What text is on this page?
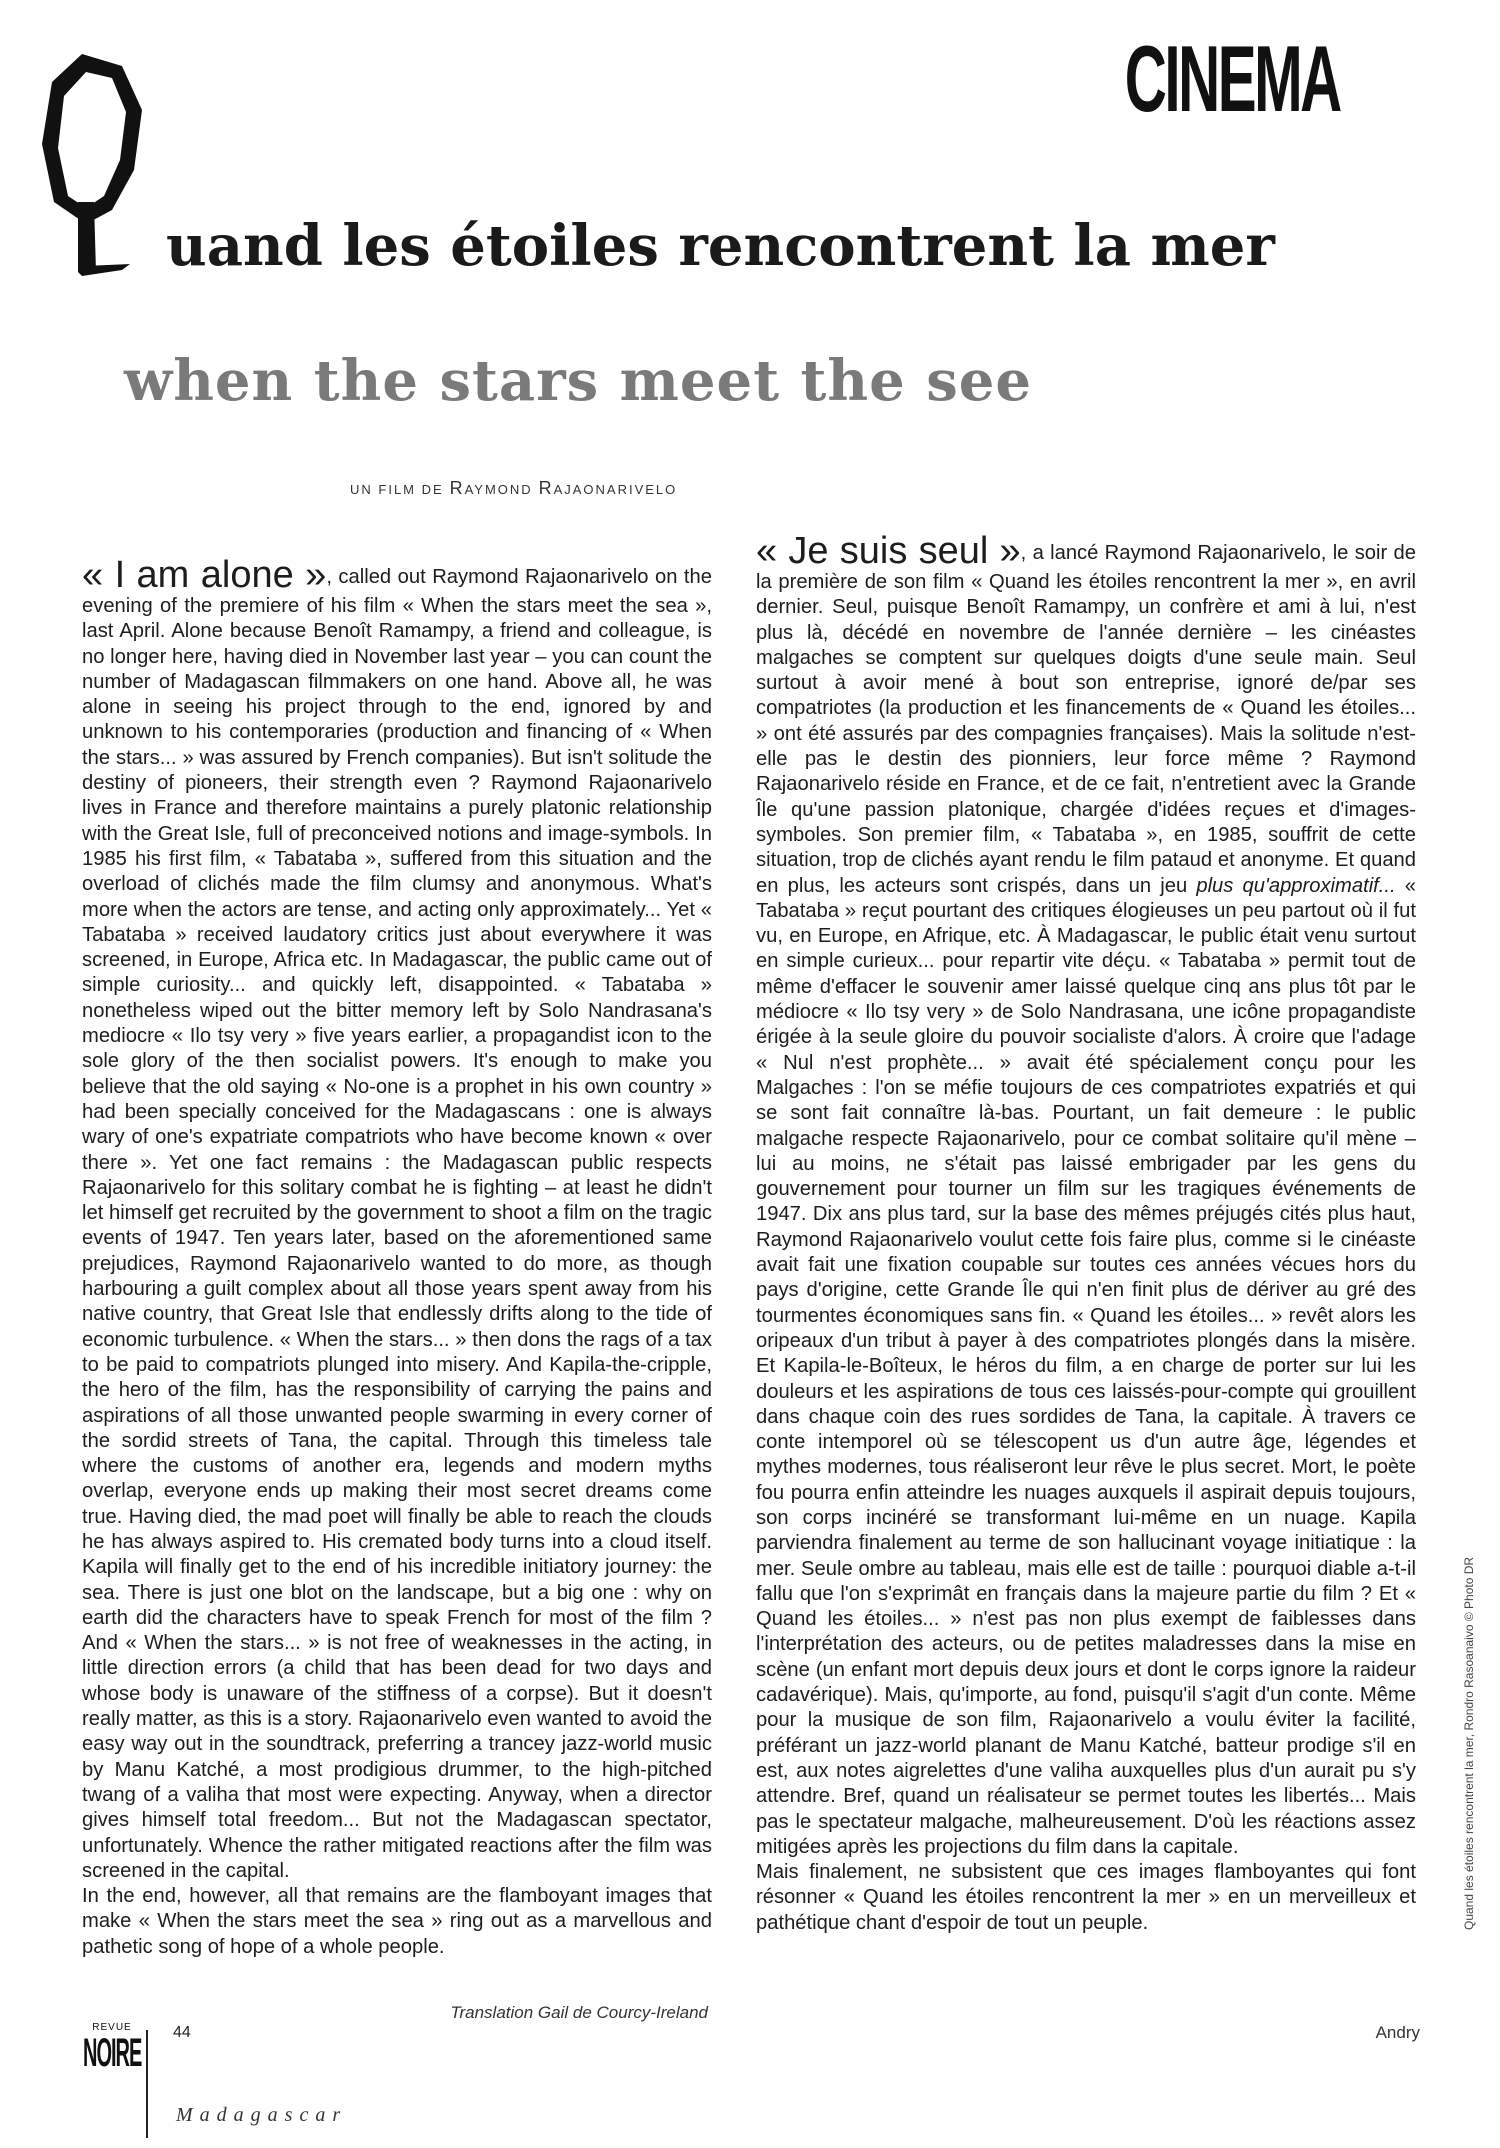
CINEMA
uand les étoiles rencontrent la mer
when the stars meet the see
UN FILM DE RAYMOND RAJAONARIVELO

« I am alone », called out Raymond Rajaonarivelo on the evening of the premiere of his film « When the stars meet the sea », last April. Alone because Benoît Ramampy, a friend and colleague, is no longer here, having died in November last year – you can count the number of Madagascan filmmakers on one hand. Above all, he was alone in seeing his project through to the end, ignored by and unknown to his contemporaries (production and financing of « When the stars... » was assured by French companies). But isn't solitude the destiny of pioneers, their strength even ? Raymond Rajaonarivelo lives in France and therefore maintains a purely platonic relationship with the Great Isle, full of preconceived notions and image-symbols. In 1985 his first film, « Tabataba », suffered from this situation and the overload of clichés made the film clumsy and anonymous. What's more when the actors are tense, and acting only approximately... Yet « Tabataba » received laudatory critics just about everywhere it was screened, in Europe, Africa etc. In Madagascar, the public came out of simple curiosity... and quickly left, disappointed. « Tabataba » nonetheless wiped out the bitter memory left by Solo Nandrasana's mediocre « Ilo tsy very » five years earlier, a propagandist icon to the sole glory of the then socialist powers. It's enough to make you believe that the old saying « No-one is a prophet in his own country » had been specially conceived for the Madagascans : one is always wary of one's expatriate compatriots who have become known « over there ». Yet one fact remains : the Madagascan public respects Rajaonarivelo for this solitary combat he is fighting – at least he didn't let himself get recruited by the government to shoot a film on the tragic events of 1947. Ten years later, based on the aforementioned same prejudices, Raymond Rajaonarivelo wanted to do more, as though harbouring a guilt complex about all those years spent away from his native country, that Great Isle that endlessly drifts along to the tide of economic turbulence. « When the stars... » then dons the rags of a tax to be paid to compatriots plunged into misery. And Kapila-the-cripple, the hero of the film, has the responsibility of carrying the pains and aspirations of all those unwanted people swarming in every corner of the sordid streets of Tana, the capital. Through this timeless tale where the customs of another era, legends and modern myths overlap, everyone ends up making their most secret dreams come true. Having died, the mad poet will finally be able to reach the clouds he has always aspired to. His cremated body turns into a cloud itself. Kapila will finally get to the end of his incredible initiatory journey: the sea. There is just one blot on the landscape, but a big one : why on earth did the characters have to speak French for most of the film ? And « When the stars... » is not free of weaknesses in the acting, in little direction errors (a child that has been dead for two days and whose body is unaware of the stiffness of a corpse). But it doesn't really matter, as this is a story. Rajaonarivelo even wanted to avoid the easy way out in the soundtrack, preferring a trancey jazz-world music by Manu Katché, a most prodigious drummer, to the high-pitched twang of a valiha that most were expecting. Anyway, when a director gives himself total freedom... But not the Madagascan spectator, unfortunately. Whence the rather mitigated reactions after the film was screened in the capital.

In the end, however, all that remains are the flamboyant images that make « When the stars meet the sea » ring out as a marvellous and pathetic song of hope of a whole people.

Translation Gail de Courcy-Ireland

« Je suis seul », a lancé Raymond Rajaonarivelo, le soir de la première de son film « Quand les étoiles rencontrent la mer », en avril dernier. Seul, puisque Benoît Ramampy, un confrère et ami à lui, n'est plus là, décédé en novembre de l'année dernière – les cinéastes malgaches se comptent sur quelques doigts d'une seule main. Seul surtout à avoir mené à bout son entreprise, ignoré de/par ses compatriotes (la production et les financements de « Quand les étoiles... » ont été assurés par des compagnies françaises). Mais la solitude n'est-elle pas le destin des pionniers, leur force même ? Raymond Rajaonarivelo réside en France, et de ce fait, n'entretient avec la Grande Île qu'une passion platonique, chargée d'idées reçues et d'images-symboles. Son premier film, « Tabataba », en 1985, souffrit de cette situation, trop de clichés ayant rendu le film pataud et anonyme. Et quand en plus, les acteurs sont crispés, dans un jeu plus qu'approximatif... « Tabataba » reçut pourtant des critiques élogieuses un peu partout où il fut vu, en Europe, en Afrique, etc. À Madagascar, le public était venu surtout en simple curieux... pour repartir vite déçu. « Tabataba » permit tout de même d'effacer le souvenir amer laissé quelque cinq ans plus tôt par le médiocre « Ilo tsy very » de Solo Nandrasana, une icône propagandiste érigée à la seule gloire du pouvoir socialiste d'alors. À croire que l'adage « Nul n'est prophète... » avait été spécialement conçu pour les Malgaches : l'on se méfie toujours de ces compatriotes expatriés et qui se sont fait connaître là-bas. Pourtant, un fait demeure : le public malgache respecte Rajaonarivelo, pour ce combat solitaire qu'il mène – lui au moins, ne s'était pas laissé embrigader par les gens du gouvernement pour tourner un film sur les tragiques événements de 1947. Dix ans plus tard, sur la base des mêmes préjugés cités plus haut, Raymond Rajaonarivelo voulut cette fois faire plus, comme si le cinéaste avait fait une fixation coupable sur toutes ces années vécues hors du pays d'origine, cette Grande Île qui n'en finit plus de dériver au gré des tourmentes économiques sans fin. « Quand les étoiles... » revêt alors les oripeaux d'un tribut à payer à des compatriotes plongés dans la misère. Et Kapila-le-Boîteux, le héros du film, a en charge de porter sur lui les douleurs et les aspirations de tous ces laissés-pour-compte qui grouillent dans chaque coin des rues sordides de Tana, la capitale. À travers ce conte intemporel où se télescopent us d'un autre âge, légendes et mythes modernes, tous réaliseront leur rêve le plus secret. Mort, le poète fou pourra enfin atteindre les nuages auxquels il aspirait depuis toujours, son corps incinéré se transformant lui-même en un nuage. Kapila parviendra finalement au terme de son hallucinant voyage initiatique : la mer. Seule ombre au tableau, mais elle est de taille : pourquoi diable a-t-il fallu que l'on s'exprimât en français dans la majeure partie du film ? Et « Quand les étoiles... » n'est pas non plus exempt de faiblesses dans l'interprétation des acteurs, ou de petites maladresses dans la mise en scène (un enfant mort depuis deux jours et dont le corps ignore la raideur cadavérique). Mais, qu'importe, au fond, puisqu'il s'agit d'un conte. Même pour la musique de son film, Rajaonarivelo a voulu éviter la facilité, préférant un jazz-world planant de Manu Katché, batteur prodige s'il en est, aux notes aigrelettes d'une valiha auxquelles plus d'un aurait pu s'y attendre. Bref, quand un réalisateur se permet toutes les libertés... Mais pas le spectateur malgache, malheureusement. D'où les réactions assez mitigées après les projections du film dans la capitale.

Mais finalement, ne subsistent que ces images flamboyantes qui font résonner « Quand les étoiles rencontrent la mer » en un merveilleux et pathétique chant d'espoir de tout un peuple.

Andry
Quand les étoiles rencontrent la mer, Rondro Rasoanaivo © Photo DR
REVUE
NOIRE 44
Madagascar
